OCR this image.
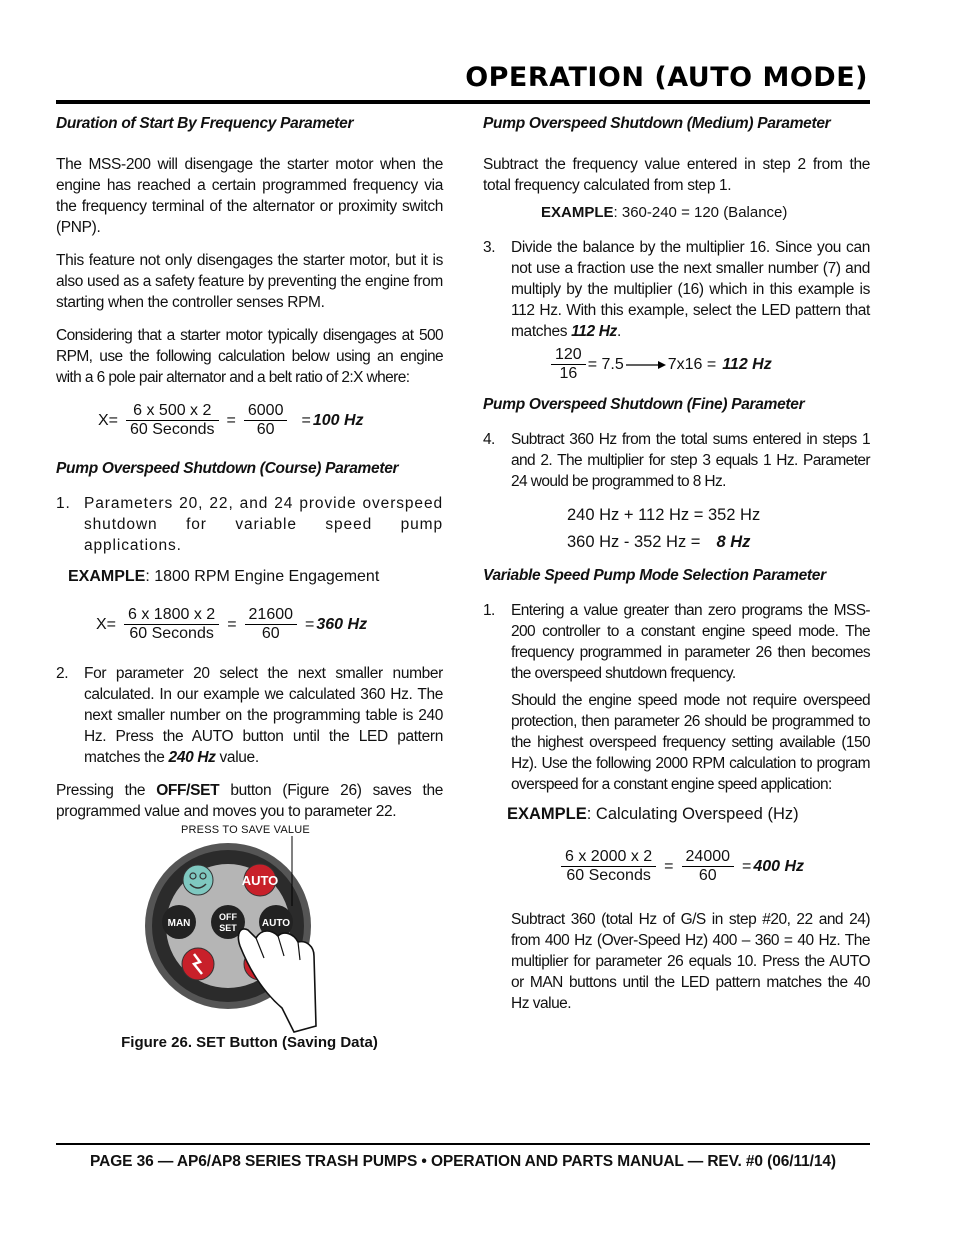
OPERATION (AUTO MODE)
Duration of Start By Frequency Parameter
The MSS-200 will disengage the starter motor when the engine has reached a certain programmed frequency via the frequency terminal of the alternator or proximity switch (PNP).
This feature not only disengages the starter motor, but it is also used as a safety feature by preventing the engine from starting when the controller senses RPM.
Considering that a starter motor typically disengages at 500 RPM, use the following calculation below using an engine with a 6 pole pair alternator and a belt ratio of 2:X where:
$X= \frac{6 x 500 x 2}{\text{60 Seconds}} = \frac{6000}{60} = 100$ Hz
Pump Overspeed Shutdown (Course) Parameter
1. Parameters 20, 22, and 24 provide overspeed shutdown for variable speed pump applications.
EXAMPLE: 1800 RPM Engine Engagement
$X= \frac{6 x 1800 x 2}{\text{60 Seconds}} = \frac{21600}{60} = 360$ Hz
2. For parameter 20 select the next smaller number calculated. In our example we calculated 360 Hz. The next smaller number on the programming table is 240 Hz. Press the AUTO button until the LED pattern matches the 240 Hz value.
Pressing the OFF/SET button (Figure 26) saves the programmed value and moves you to parameter 22.
PRESS TO SAVE VALUE
AUTO
MAN
OFF
SET	AUTO
Figure 26. SET Button (Saving Data)
Pump Overspeed Shutdown (Medium) Parameter
Subtract the frequency value entered in step 2 from the total frequency calculated from step 1.
EXAMPLE: 360-240 = 120 (Balance)
3. Divide the balance by the multiplier 16. Since you can not use a fraction use the next smaller number (7) and multiply by the multiplier (16) which in this example is 112 Hz. With this example, select the LED pattern that matches 112 Hz.
$\frac{120}{16} = 7.5$	7x16 = 112 Hz
Pump Overspeed Shutdown (Fine) Parameter
4. Subtract 360 Hz from the total sums entered in steps 1 and 2. The multiplier for step 3 equals 1 Hz. Parameter 24 would be programmed to 8 Hz.
240 Hz + 112 Hz = 352 Hz
360 Hz - 352 Hz = 8 Hz
Variable Speed Pump Mode Selection Parameter
1. Entering a value greater than zero programs the MSS-200 controller to a constant engine speed mode. The frequency programmed in parameter 26 then becomes the overspeed shutdown frequency.
Should the engine speed mode not require overspeed protection, then parameter 26 should be programmed to the highest overspeed frequency setting available (150 Hz). Use the following 2000 RPM calculation to program overspeed for a constant engine speed application:
EXAMPLE: Calculating Overspeed (Hz)
$\frac{6 x 2000 x 2}{\text{60 Seconds}} = \frac{24000}{60} = 400$ Hz
Subtract 360 (total Hz of G/S in step #20, 22 and 24) from 400 Hz (Over-Speed Hz) 400 – 360 = 40 Hz. The multiplier for parameter 26 equals 10. Press the AUTO or MAN buttons until the LED pattern matches the 40 Hz value.
PAGE 36 — AP6/AP8 SERIES TRASH PUMPS • OPERATION AND PARTS MANUAL — REV. #0 (06/11/14)
